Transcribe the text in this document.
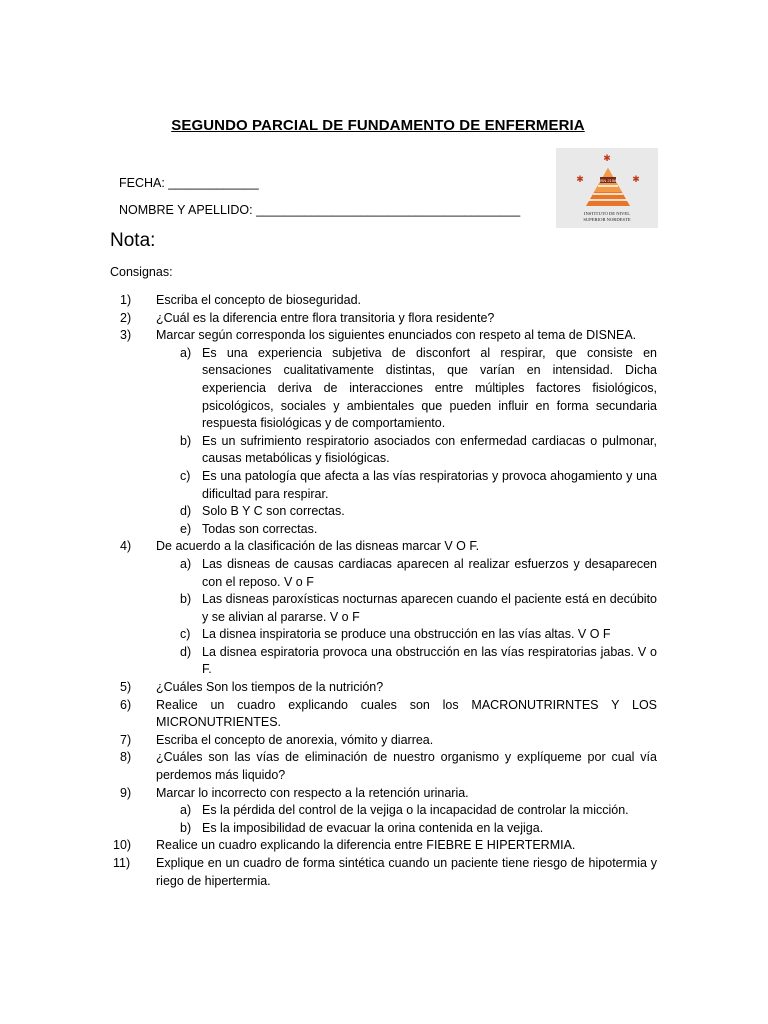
SEGUNDO PARCIAL DE FUNDAMENTO DE ENFERMERIA
ISN 2158
✱
✱	✱
INSTITUTO DE NIVEL
SUPERIOR NORDESTE
FECHA: _____________
NOMBRE Y APELLIDO: ______________________________________
Nota:
Consignas:
1) Escriba el concepto de bioseguridad.
2) ¿Cuál es la diferencia entre flora transitoria y flora residente?
3) Marcar según corresponda los siguientes enunciados con respeto al tema de DISNEA.
a) Es una experiencia subjetiva de disconfort al respirar, que consiste en sensaciones cualitativamente distintas, que varían en intensidad. Dicha experiencia deriva de interacciones entre múltiples factores fisiológicos, psicológicos, sociales y ambientales que pueden influir en forma secundaria respuesta fisiológicas y de comportamiento.
b) Es un sufrimiento respiratorio asociados con enfermedad cardiacas o pulmonar, causas metabólicas y fisiológicas.
c) Es una patología que afecta a las vías respiratorias y provoca ahogamiento y una dificultad para respirar.
d) Solo B Y C son correctas.
e) Todas son correctas.
4) De acuerdo a la clasificación de las disneas marcar V O F.
a) Las disneas de causas cardiacas aparecen al realizar esfuerzos y desaparecen con el reposo. V o F
b) Las disneas paroxísticas nocturnas aparecen cuando el paciente está en decúbito y se alivian al pararse. V o F
c) La disnea inspiratoria se produce una obstrucción en las vías altas. V O F
d) La disnea espiratoria provoca una obstrucción en las vías respiratorias jabas. V o F.
5) ¿Cuáles Son los tiempos de la nutrición?
6) Realice un cuadro explicando cuales son los MACRONUTRIRNTES Y LOS MICRONUTRIENTES.
7) Escriba el concepto de anorexia, vómito y diarrea.
8) ¿Cuáles son las vías de eliminación de nuestro organismo y explíqueme por cual vía perdemos más liquido?
9) Marcar lo incorrecto con respecto a la retención urinaria.
a) Es la pérdida del control de la vejiga o la incapacidad de controlar la micción.
b) Es la imposibilidad de evacuar la orina contenida en la vejiga.
10) Realice un cuadro explicando la diferencia entre FIEBRE E HIPERTERMIA.
11) Explique en un cuadro de forma sintética cuando un paciente tiene riesgo de hipotermia y riego de hipertermia.
